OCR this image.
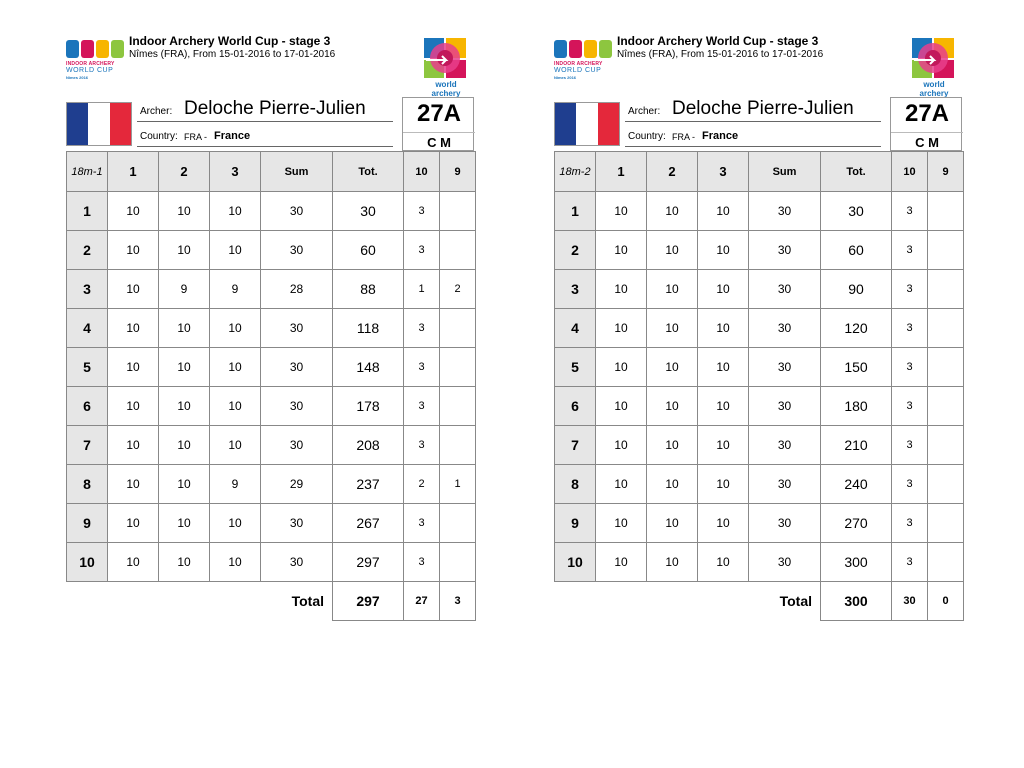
INDOOR ARCHERY
WORLD CUP
Nimes 2016
Indoor Archery World Cup - stage 3
Nîmes (FRA), From 15-01-2016 to 17-01-2016
world archery
Archer: Deloche Pierre-Julien
Country: FRA - France
27A
C M
18m-1	1	2	3	Sum	Tot.	10	9
1	10	10	10	30	30	3	
2	10	10	10	30	60	3	
3	10	9	9	28	88	1	2
4	10	10	10	30	118	3	
5	10	10	10	30	148	3	
6	10	10	10	30	178	3	
7	10	10	10	30	208	3	
8	10	10	9	29	237	2	1
9	10	10	10	30	267	3	
10	10	10	10	30	297	3	
				Total	297	27	3
INDOOR ARCHERY
WORLD CUP
Nimes 2016
Indoor Archery World Cup - stage 3
Nîmes (FRA), From 15-01-2016 to 17-01-2016
world archery
Archer: Deloche Pierre-Julien
Country: FRA - France
27A
C M
18m-2	1	2	3	Sum	Tot.	10	9
1	10	10	10	30	30	3	
2	10	10	10	30	60	3	
3	10	10	10	30	90	3	
4	10	10	10	30	120	3	
5	10	10	10	30	150	3	
6	10	10	10	30	180	3	
7	10	10	10	30	210	3	
8	10	10	10	30	240	3	
9	10	10	10	30	270	3	
10	10	10	10	30	300	3	
				Total	300	30	0
